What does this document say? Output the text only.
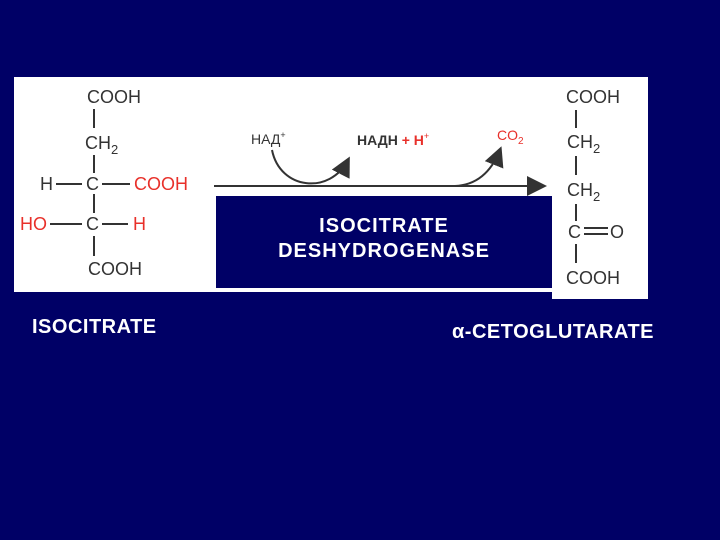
COOH
$CH_2$
H C COOH
HO C H
COOH
НАД+	НАДН + Н+	$CO_2$
COOH
$CH_2$
$CH_2$
C O
COOH
ISOCITRATE
DESHYDROGENASE
ISOCITRATE	α-CETOGLUTARATE
